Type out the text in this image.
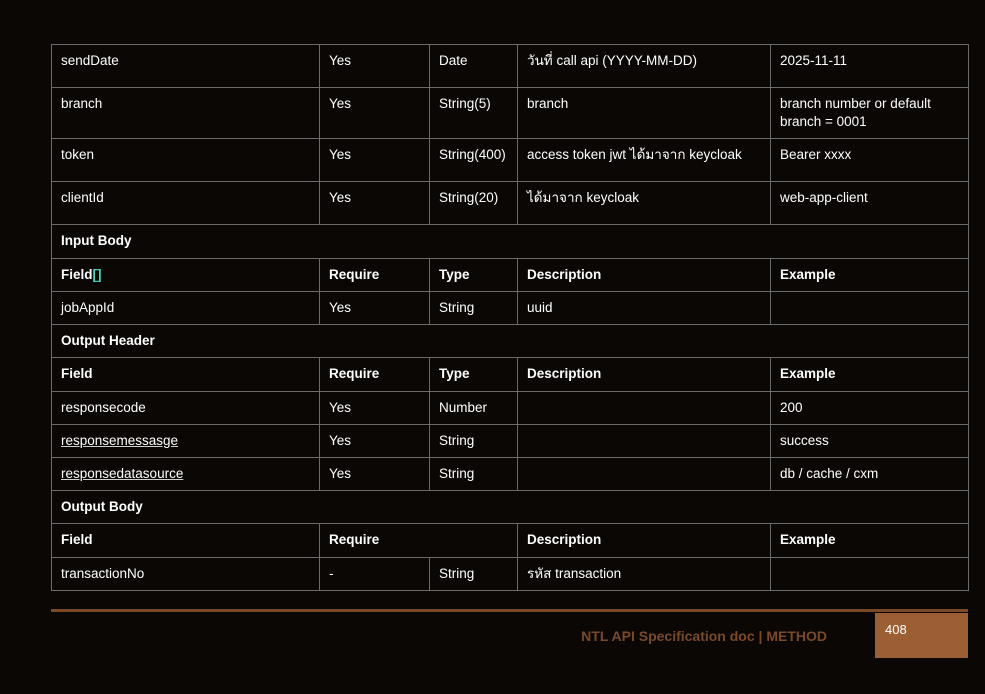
sendDate	Yes	Date	วันที่ call api (YYYY-MM-DD)	2025-11-11
branch	Yes	String(5)	branch	branch number or default branch = 0001
token	Yes	String(400)	access token jwt ได้มาจาก keycloak	Bearer xxxx
clientId	Yes	String(20)	ได้มาจาก keycloak	web-app-client
Input Body				
Field[]	Require	Type	Description	Example
jobAppId	Yes	String	uuid	
Output Header				
Field	Require	Type	Description	Example
responsecode	Yes	Number		200
responsemessasge	Yes	String		success
responsedatasource	Yes	String		db / cache / cxm
Output Body				
Field	Require		Description	Example
transactionNo	-	String	รหัส transaction	
NTL API Specification doc | METHOD	408
